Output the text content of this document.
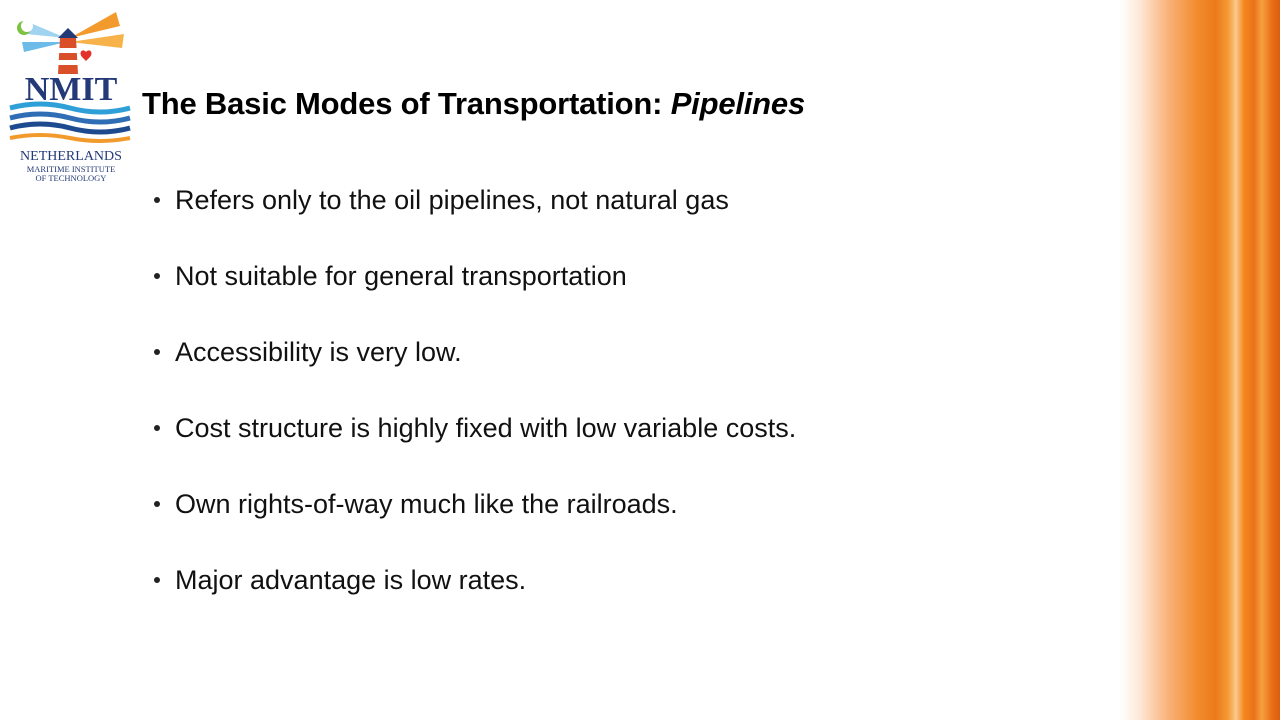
NMIT
NETHERLANDS
MARITIME INSTITUTE
OF TECHNOLOGY
The Basic Modes of Transportation: Pipelines
Refers only to the oil pipelines, not natural gas
Not suitable for general transportation
Accessibility is very low.
Cost structure is highly fixed with low variable costs.
Own rights-of-way much like the railroads.
Major advantage is low rates.
